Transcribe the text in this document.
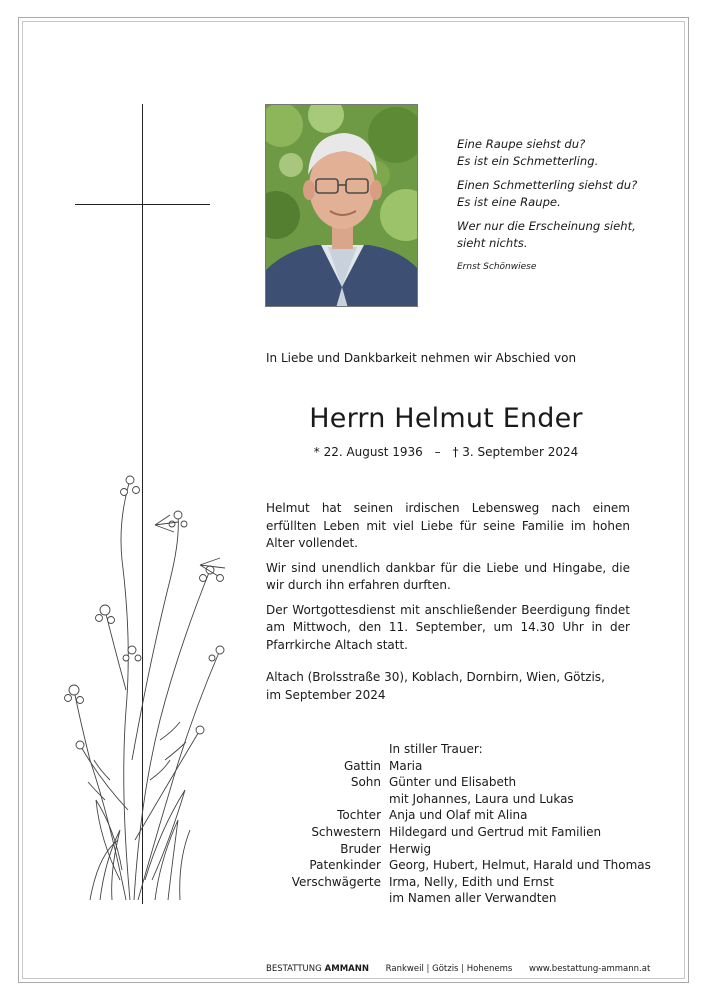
Eine Raupe siehst du?
Es ist ein Schmetterling.

Einen Schmetterling siehst du?
Es ist eine Raupe.

Wer nur die Erscheinung sieht,
sieht nichts.

Ernst Schönwiese
In Liebe und Dankbarkeit nehmen wir Abschied von
Herrn Helmut Ender
* 22. August 1936 – † 3. September 2024

Helmut hat seinen irdischen Lebensweg nach einem erfüllten Leben mit viel Liebe für seine Familie im hohen Alter vollendet.

Wir sind unendlich dankbar für die Liebe und Hingabe, die wir durch ihn erfahren durften.

Der Wortgottesdienst mit anschließender Beerdigung findet am Mittwoch, den 11. September, um 14.30 Uhr in der Pfarrkirche Altach statt.

Altach (Brolsstraße 30), Koblach, Dornbirn, Wien, Götzis,
im September 2024
In stiller Trauer:
Gattin Maria
Sohn Günter und Elisabeth
mit Johannes, Laura und Lukas
Tochter Anja und Olaf mit Alina
Schwestern Hildegard und Gertrud mit Familien
Bruder Herwig
Patenkinder Georg, Hubert, Helmut, Harald und Thomas
Verschwägerte Irma, Nelly, Edith und Ernst
im Namen aller Verwandten
BESTATTUNG AMMANN Rankweil | Götzis | Hohenems www.bestattung-ammann.at
